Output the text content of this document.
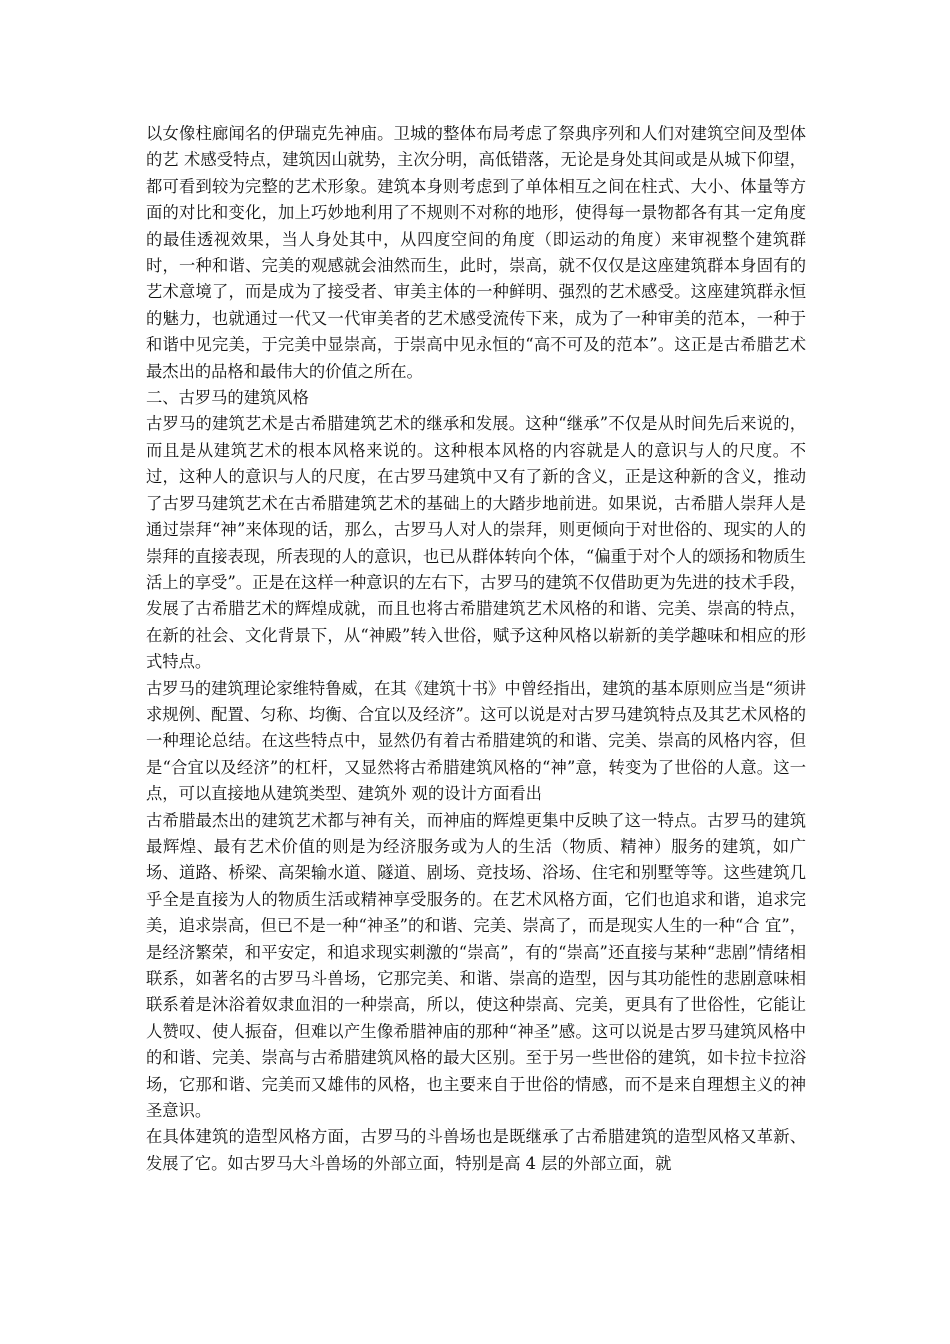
以女像柱廊闻名的伊瑞克先神庙。卫城的整体布局考虑了祭典序列和人们对建筑空间及型体的艺 术感受特点，建筑因山就势，主次分明，高低错落，无论是身处其间或是从城下仰望，都可看到较为完整的艺术形象。建筑本身则考虑到了单体相互之间在柱式、大小、体量等方面的对比和变化，加上巧妙地利用了不规则不对称的地形，使得每一景物都各有其一定角度的最佳透视效果，当人身处其中，从四度空间的角度（即运动的角度）来审视整个建筑群时，一种和谐、完美的观感就会油然而生，此时，崇高，就不仅仅是这座建筑群本身固有的艺术意境了，而是成为了接受者、审美主体的一种鲜明、强烈的艺术感受。这座建筑群永恒的魅力，也就通过一代又一代审美者的艺术感受流传下来，成为了一种审美的范本，一种于和谐中见完美，于完美中显崇高，于崇高中见永恒的“高不可及的范本”。这正是古希腊艺术最杰出的品格和最伟大的价值之所在。

二、古罗马的建筑风格

古罗马的建筑艺术是古希腊建筑艺术的继承和发展。这种“继承”不仅是从时间先后来说的，而且是从建筑艺术的根本风格来说的。这种根本风格的内容就是人的意识与人的尺度。不过，这种人的意识与人的尺度，在古罗马建筑中又有了新的含义，正是这种新的含义，推动了古罗马建筑艺术在古希腊建筑艺术的基础上的大踏步地前进。如果说，古希腊人崇拜人是通过崇拜“神”来体现的话，那么，古罗马人对人的崇拜，则更倾向于对世俗的、现实的人的崇拜的直接表现，所表现的人的意识，也已从群体转向个体，“偏重于对个人的颂扬和物质生活上的享受”。正是在这样一种意识的左右下，古罗马的建筑不仅借助更为先进的技术手段，发展了古希腊艺术的辉煌成就，而且也将古希腊建筑艺术风格的和谐、完美、崇高的特点，在新的社会、文化背景下，从“神殿”转入世俗，赋予这种风格以崭新的美学趣味和相应的形式特点。

古罗马的建筑理论家维特鲁威，在其《建筑十书》中曾经指出，建筑的基本原则应当是“须讲求规例、配置、匀称、均衡、合宜以及经济”。这可以说是对古罗马建筑特点及其艺术风格的一种理论总结。在这些特点中，显然仍有着古希腊建筑的和谐、完美、崇高的风格内容，但是“合宜以及经济”的杠杆，又显然将古希腊建筑风格的“神”意，转变为了世俗的人意。这一点，可以直接地从建筑类型、建筑外 观的设计方面看出

古希腊最杰出的建筑艺术都与神有关，而神庙的辉煌更集中反映了这一特点。古罗马的建筑最辉煌、最有艺术价值的则是为经济服务或为人的生活（物质、精神）服务的建筑，如广场、道路、桥梁、高架输水道、隧道、剧场、竞技场、浴场、住宅和别墅等等。这些建筑几乎全是直接为人的物质生活或精神享受服务的。在艺术风格方面，它们也追求和谐，追求完美，追求崇高，但已不是一种“神圣”的和谐、完美、崇高了，而是现实人生的一种“合 宜”，是经济繁荣，和平安定，和追求现实刺激的“崇高”，有的“崇高”还直接与某种“悲剧”情绪相联系，如著名的古罗马斗兽场，它那完美、和谐、崇高的造型，因与其功能性的悲剧意味相联系着是沐浴着奴隶血泪的一种崇高，所以，使这种崇高、完美，更具有了世俗性，它能让人赞叹、使人振奋，但难以产生像希腊神庙的那种“神圣”感。这可以说是古罗马建筑风格中的和谐、完美、崇高与古希腊建筑风格的最大区别。至于另一些世俗的建筑，如卡拉卡拉浴场，它那和谐、完美而又雄伟的风格，也主要来自于世俗的情感，而不是来自理想主义的神圣意识。

在具体建筑的造型风格方面，古罗马的斗兽场也是既继承了古希腊建筑的造型风格又革新、发展了它。如古罗马大斗兽场的外部立面，特别是高 4 层的外部立面，就
